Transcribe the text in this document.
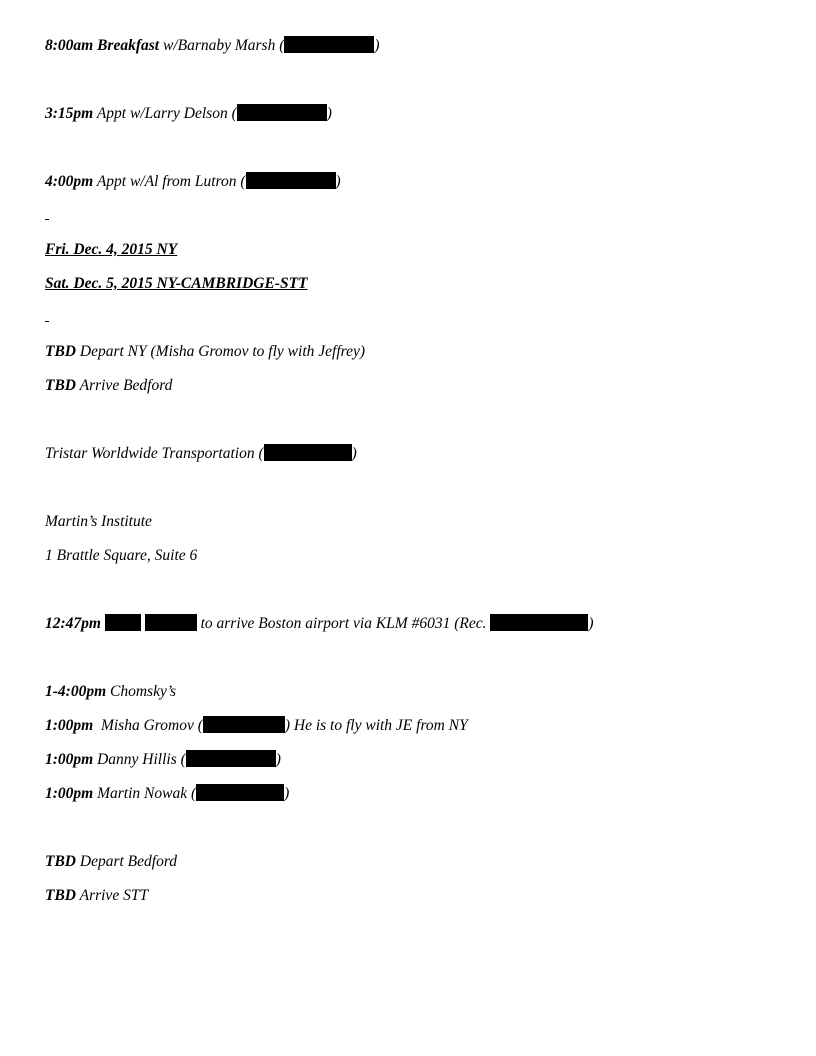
8:00am Breakfast w/Barnaby Marsh (	)
3:15pm Appt w/Larry Delson (	)
4:00pm Appt w/Al from Lutron (	)
Fri. Dec. 4, 2015 NY
Sat. Dec. 5, 2015 NY-CAMBRIDGE-STT
TBD Depart NY (Misha Gromov to fly with Jeffrey)
TBD Arrive Bedford
Tristar Worldwide Transportation (	)
Martin’s Institute
1 Brattle Square, Suite 6
12:47pm	to arrive Boston airport via KLM #6031 (Rec.	)
1-4:00pm Chomsky’s
1:00pm  Misha Gromov (	) He is to fly with JE from NY
1:00pm Danny Hillis (	)
1:00pm Martin Nowak (	)
TBD Depart Bedford
TBD Arrive STT
